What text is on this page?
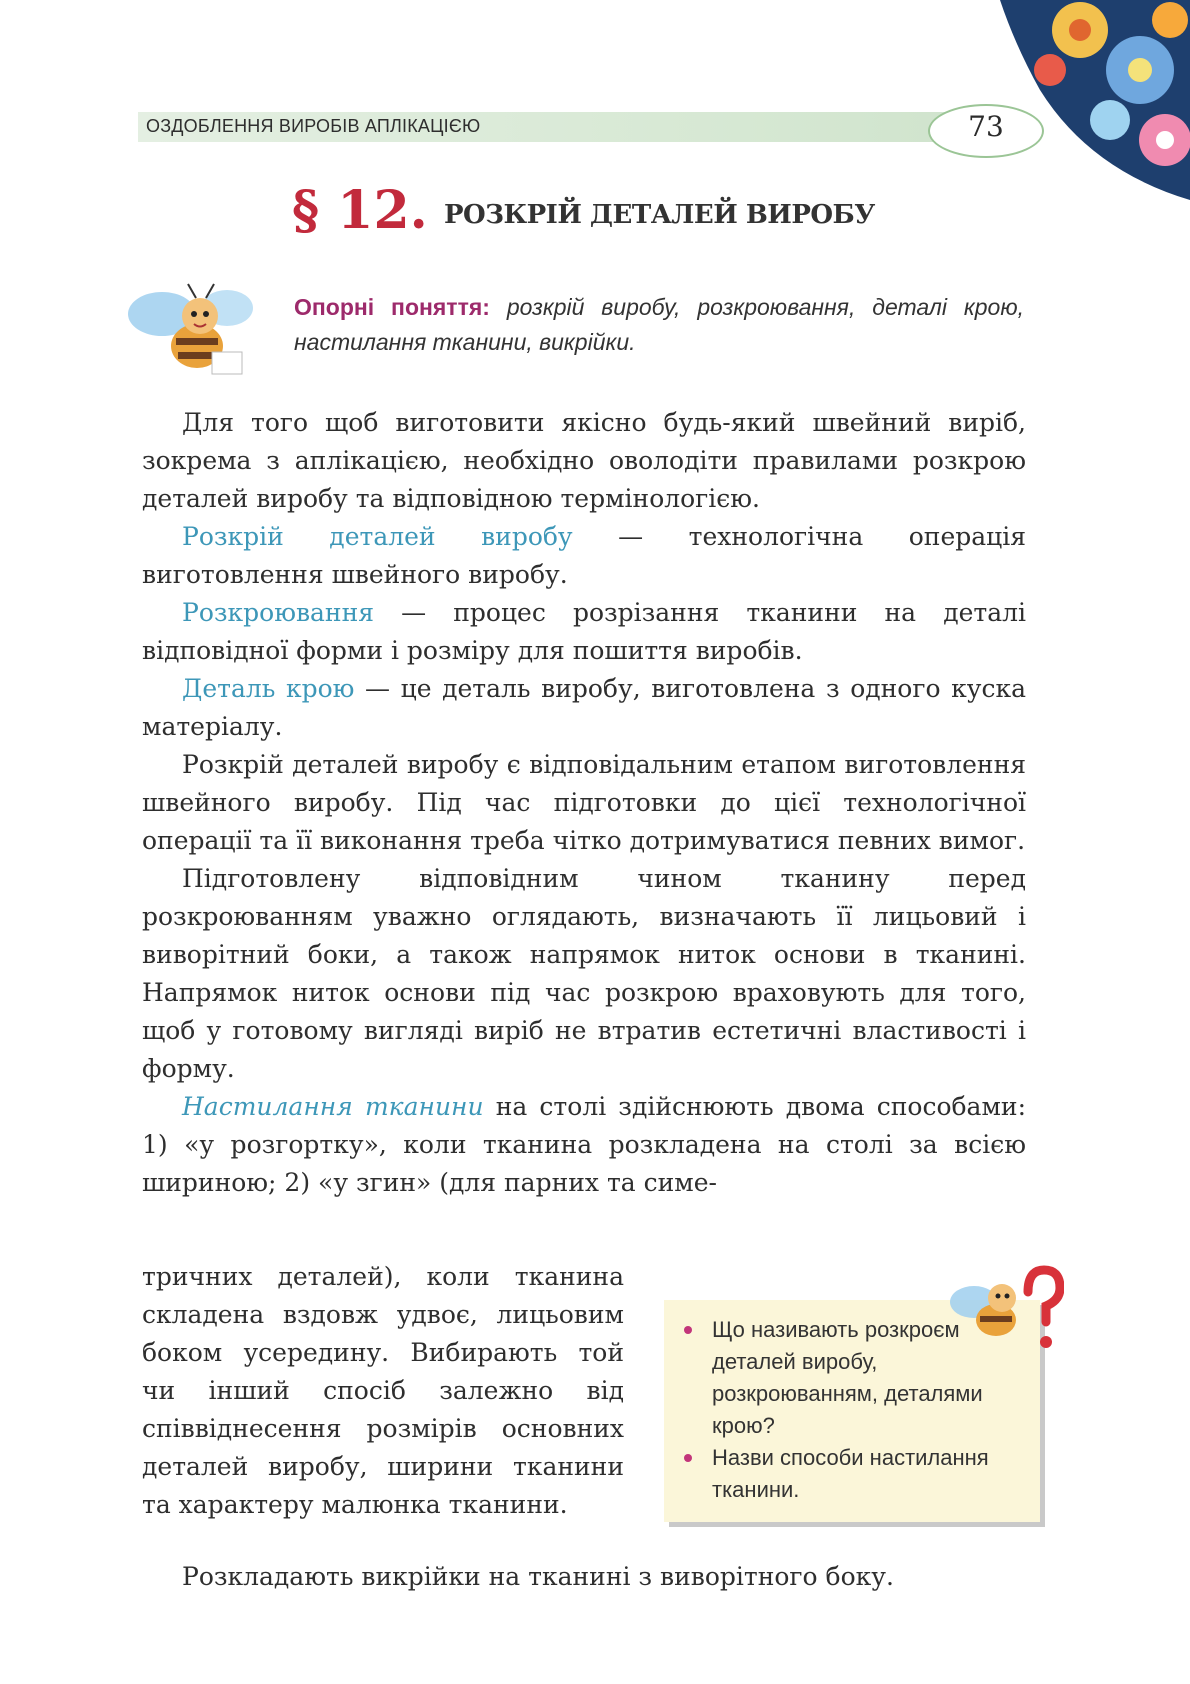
ОЗДОБЛЕННЯ ВИРОБІВ АПЛІКАЦІЄЮ	73
§ 12. РОЗКРІЙ ДЕТАЛЕЙ ВИРОБУ
Опорні поняття: розкрій виробу, розкроювання, деталі крою, настилання тканини, викрійки.

Для того щоб виготовити якісно будь-який швейний виріб, зокрема з аплікацією, необхідно оволодіти правилами розкрою деталей виробу та відповідною термінологією.

Розкрій деталей виробу — технологічна операція виготовлення швейного виробу.

Розкроювання — процес розрізання тканини на деталі відповідної форми і розміру для пошиття виробів.

Деталь крою — це деталь виробу, виготовлена з одного куска матеріалу.

Розкрій деталей виробу є відповідальним етапом виготовлення швейного виробу. Під час підготовки до цієї технологічної операції та її виконання треба чітко дотримуватися певних вимог.

Підготовлену відповідним чином тканину перед розкроюванням уважно оглядають, визначають її лицьовий і виворітний боки, а також напрямок ниток основи в тканині. Напрямок ниток основи під час розкрою враховують для того, щоб у готовому вигляді виріб не втратив естетичні властивості і форму.

Настилання тканини на столі здійснюють двома способами: 1) «у розгортку», коли тканина розкладена на столі за всією шириною; 2) «у згин» (для парних та симе-

тричних деталей), коли тканина складена вздовж удвоє, лицьовим боком усередину. Вибирають той чи інший спосіб залежно від співвіднесення розмірів основних деталей виробу, ширини тканини та характеру малюнка тканини.

Що називають розкроєм деталей виробу, розкроюванням, деталями крою?
Назви способи настилання тканини.
Розкладають викрійки на тканині з виворітного боку.
